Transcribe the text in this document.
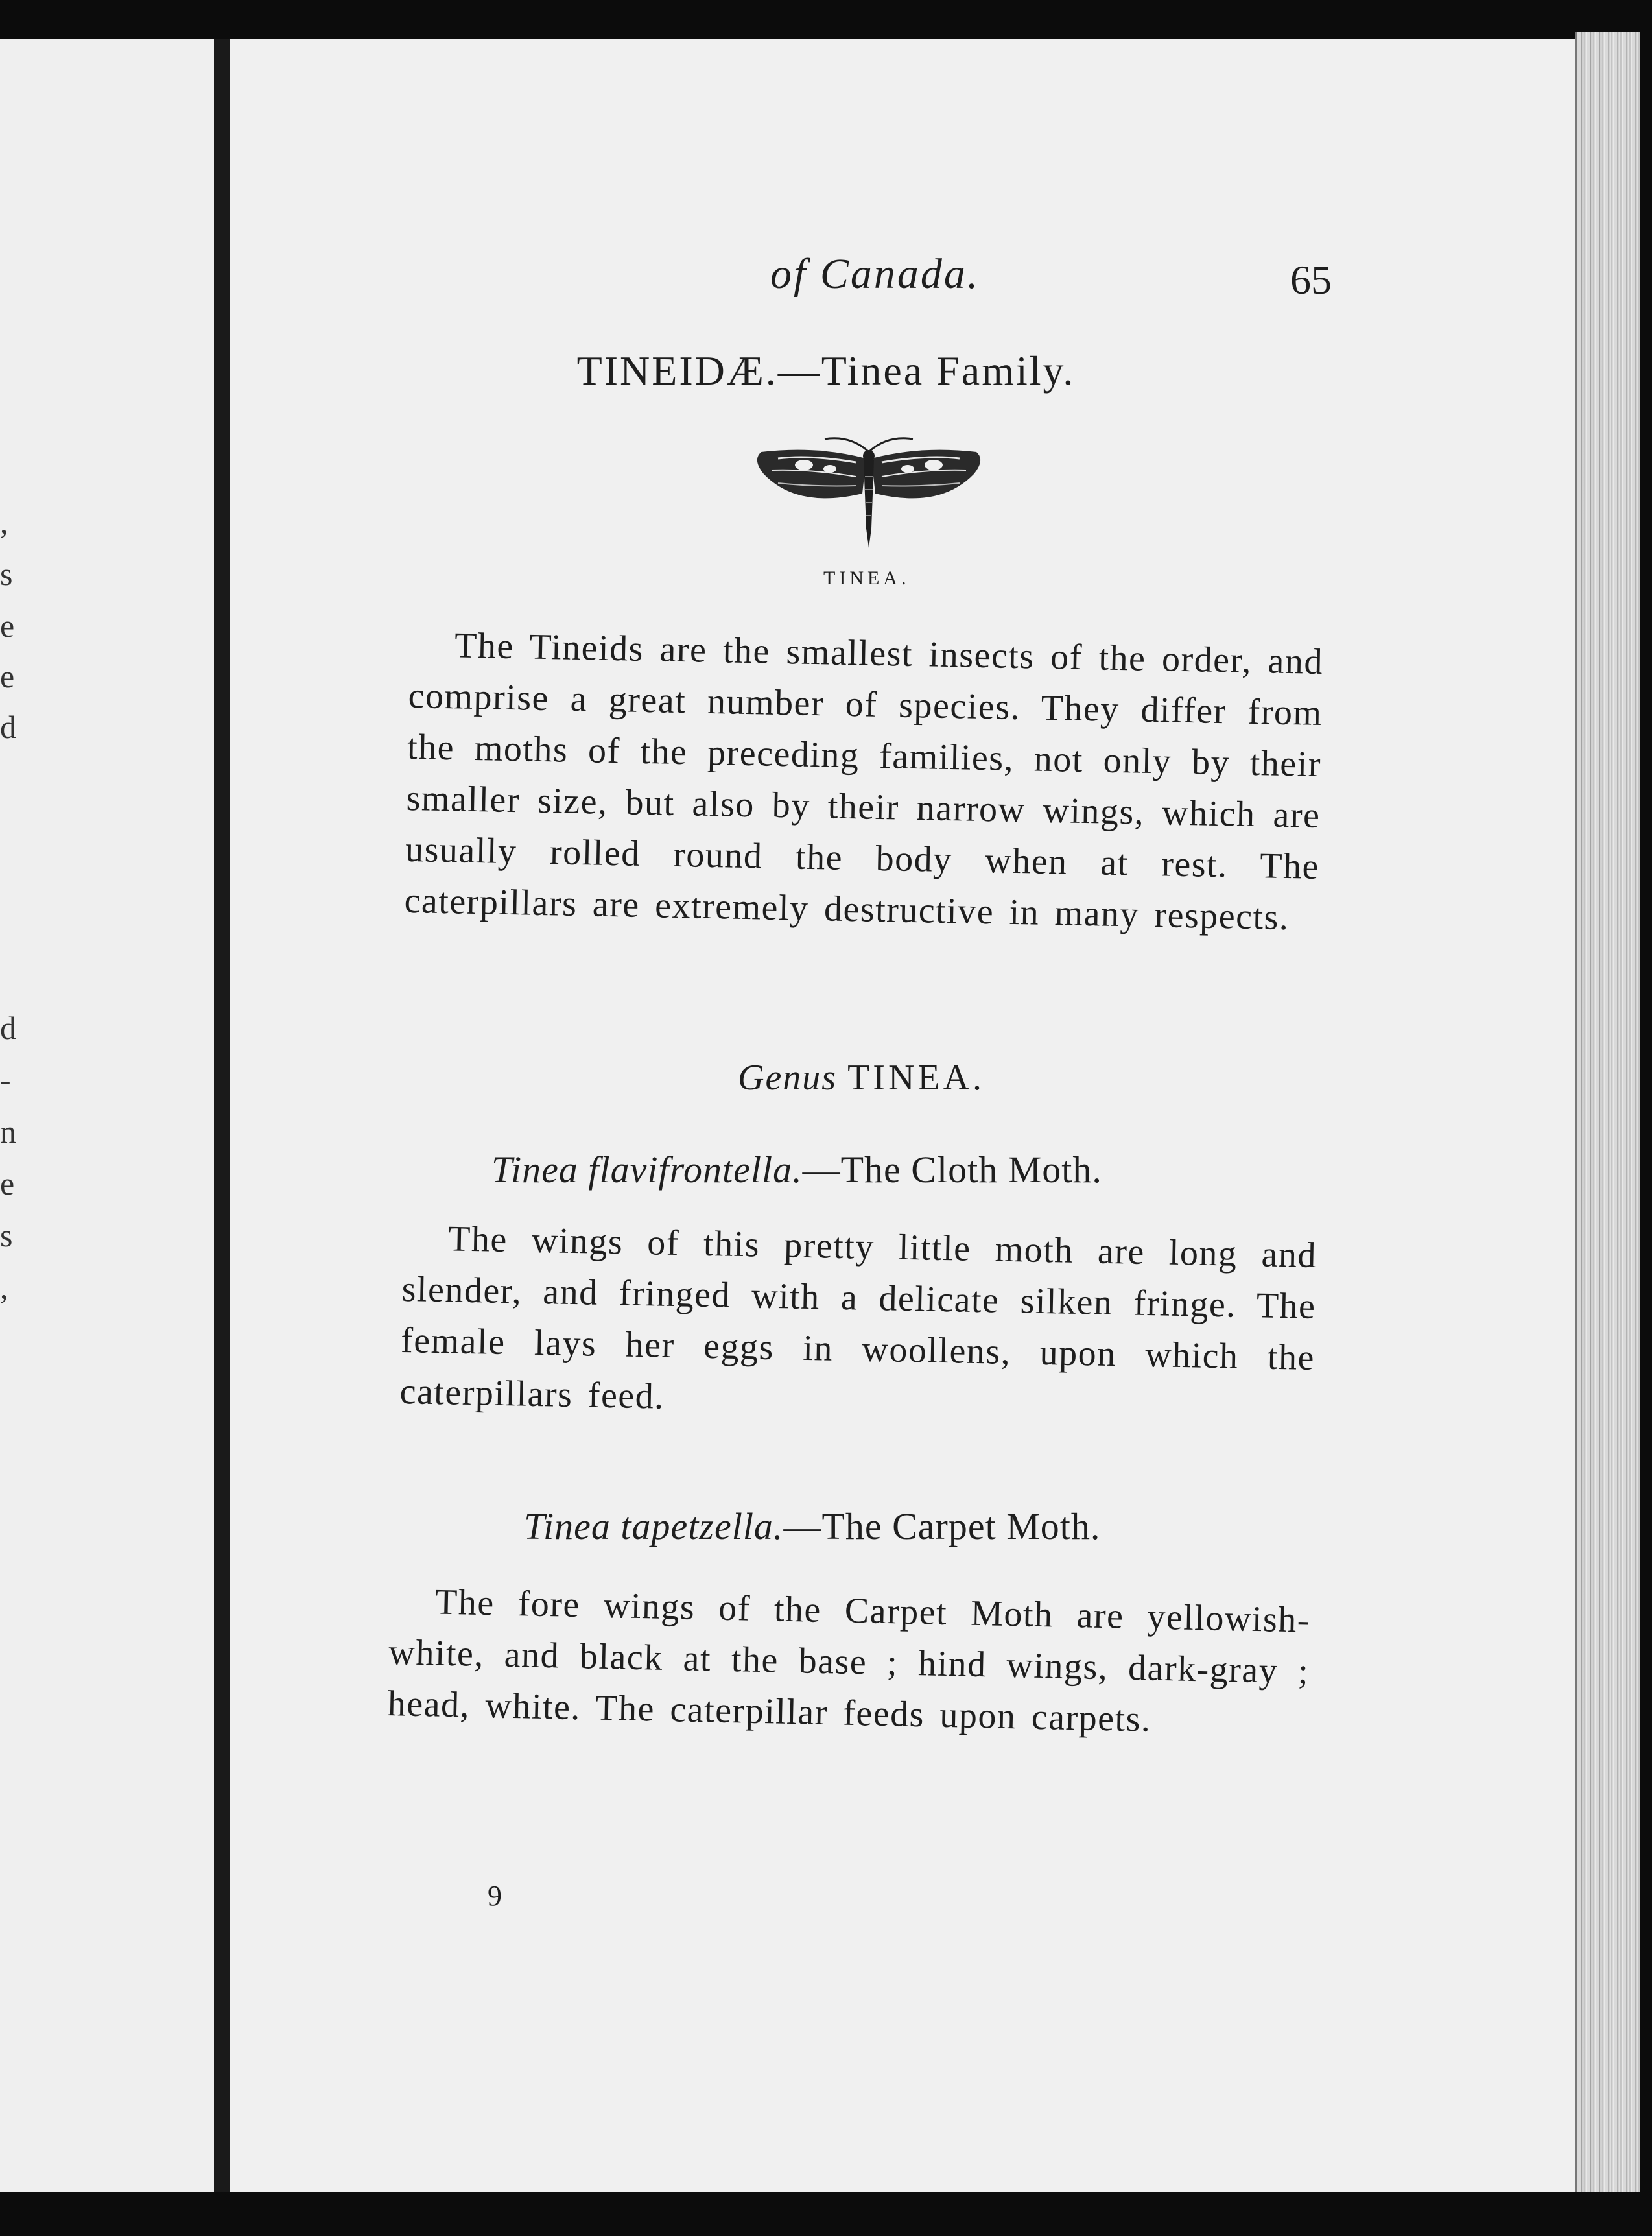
,
s
e
e
d
d
-
n
e
s
,
of Canada.	65
TINEIDÆ.—Tinea Family.
TINEA.

The Tineids are the smallest insects of the order, and comprise a great number of species. They differ from the moths of the preceding families, not only by their smaller size, but also by their narrow wings, which are usually rolled round the body when at rest. The caterpillars are extremely destructive in many respects.

Genus TINEA.
Tinea flavifrontella.—The Cloth Moth.

The wings of this pretty little moth are long and slender, and fringed with a delicate silken fringe. The female lays her eggs in woollens, upon which the caterpillars feed.

Tinea tapetzella.—The Carpet Moth.

The fore wings of the Carpet Moth are yellowish-white, and black at the base ; hind wings, dark-gray ; head, white. The caterpillar feeds upon carpets.

9
